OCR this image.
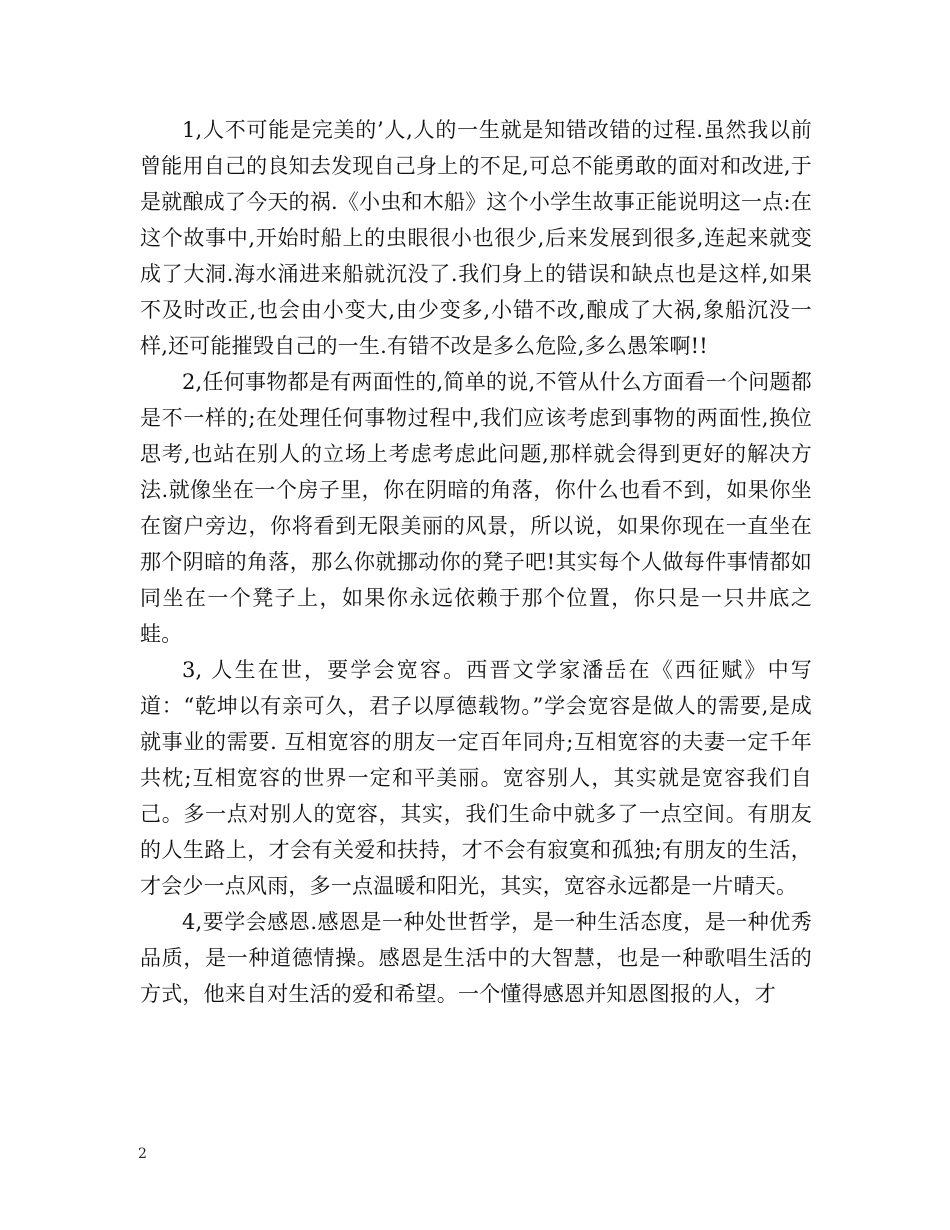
1,人不可能是完美的’人,人的一生就是知错改错的过程.虽然我以前曾能用自己的良知去发现自己身上的不足,可总不能勇敢的面对和改进,于是就酿成了今天的祸.《小虫和木船》这个小学生故事正能说明这一点:在这个故事中,开始时船上的虫眼很小也很少,后来发展到很多,连起来就变成了大洞.海水涌进来船就沉没了.我们身上的错误和缺点也是这样,如果不及时改正,也会由小变大,由少变多,小错不改,酿成了大祸,象船沉没一样,还可能摧毁自己的一生.有错不改是多么危险,多么愚笨啊!!

2,任何事物都是有两面性的,简单的说,不管从什么方面看一个问题都是不一样的;在处理任何事物过程中,我们应该考虑到事物的两面性,换位思考,也站在别人的立场上考虑考虑此问题,那样就会得到更好的解决方法.就像坐在一个房子里，你在阴暗的角落，你什么也看不到，如果你坐在窗户旁边，你将看到无限美丽的风景，所以说，如果你现在一直坐在那个阴暗的角落，那么你就挪动你的凳子吧!其实每个人做每件事情都如同坐在一个凳子上，如果你永远依赖于那个位置，你只是一只井底之蛙。

3, 人生在世，要学会宽容。西晋文学家潘岳在《西征赋》中写道：“乾坤以有亲可久，君子以厚德载物。”学会宽容是做人的需要,是成就事业的需要. 互相宽容的朋友一定百年同舟;互相宽容的夫妻一定千年共枕;互相宽容的世界一定和平美丽。宽容别人，其实就是宽容我们自己。多一点对别人的宽容，其实，我们生命中就多了一点空间。有朋友的人生路上，才会有关爱和扶持，才不会有寂寞和孤独;有朋友的生活，才会少一点风雨，多一点温暖和阳光，其实，宽容永远都是一片晴天。

4,要学会感恩.感恩是一种处世哲学，是一种生活态度，是一种优秀品质，是一种道德情操。感恩是生活中的大智慧，也是一种歌唱生活的方式，他来自对生活的爱和希望。一个懂得感恩并知恩图报的人，才

2
